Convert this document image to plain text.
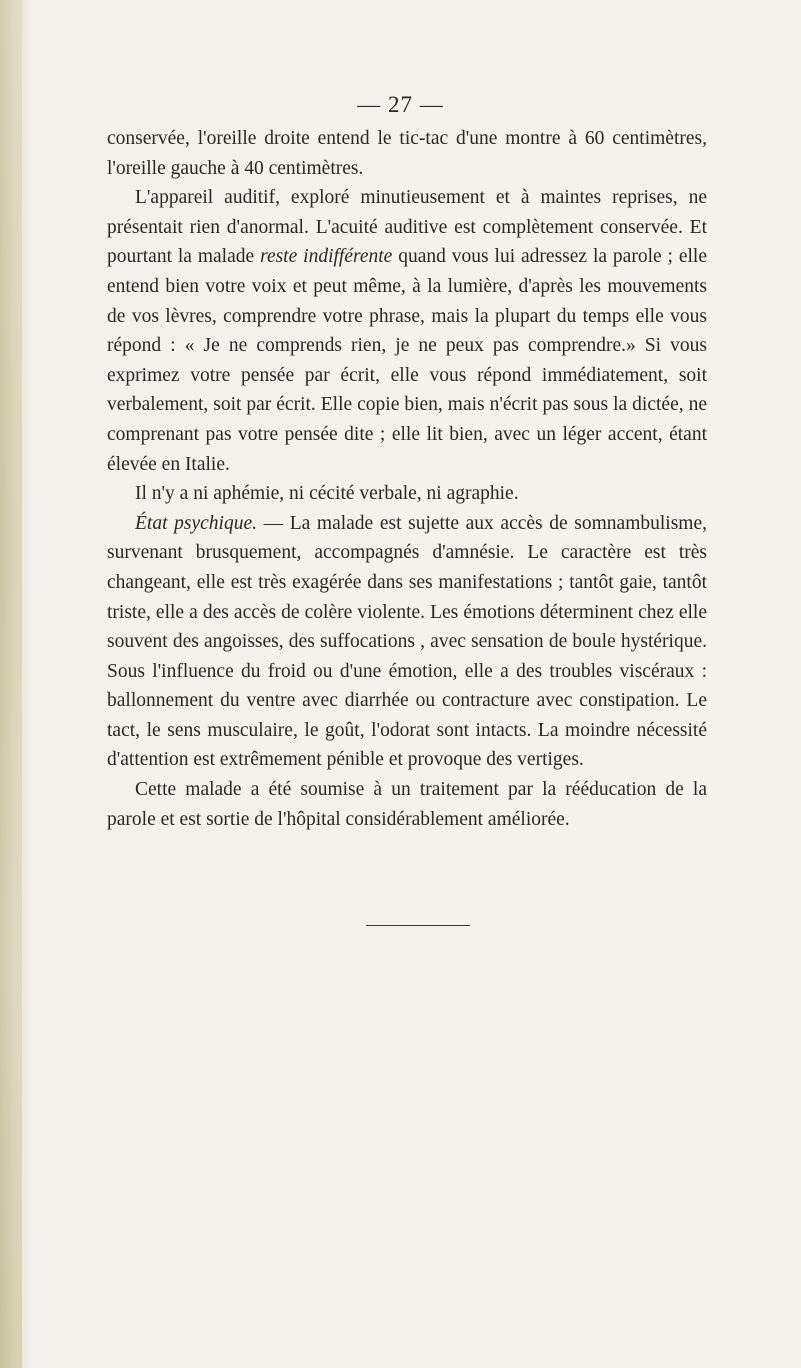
— 27 —

conservée, l'oreille droite entend le tic-tac d'une montre à 60 centimètres, l'oreille gauche à 40 centimètres.

L'appareil auditif, exploré minutieusement et à maintes reprises, ne présentait rien d'anormal. L'acuité auditive est complètement conservée. Et pourtant la malade reste indifférente quand vous lui adressez la parole ; elle entend bien votre voix et peut même, à la lumière, d'après les mouvements de vos lèvres, comprendre votre phrase, mais la plupart du temps elle vous répond : « Je ne comprends rien, je ne peux pas comprendre.» Si vous exprimez votre pensée par écrit, elle vous répond immédiatement, soit verbalement, soit par écrit. Elle copie bien, mais n'écrit pas sous la dictée, ne comprenant pas votre pensée dite ; elle lit bien, avec un léger accent, étant élevée en Italie.

Il n'y a ni aphémie, ni cécité verbale, ni agraphie.

État psychique. — La malade est sujette aux accès de somnambulisme, survenant brusquement, accompagnés d'amnésie. Le caractère est très changeant, elle est très exagérée dans ses manifestations ; tantôt gaie, tantôt triste, elle a des accès de colère violente. Les émotions déterminent chez elle souvent des angoisses, des suffocations , avec sensation de boule hystérique. Sous l'influence du froid ou d'une émotion, elle a des troubles viscéraux : ballonnement du ventre avec diarrhée ou contracture avec constipation. Le tact, le sens musculaire, le goût, l'odorat sont intacts. La moindre nécessité d'attention est extrêmement pénible et provoque des vertiges.

Cette malade a été soumise à un traitement par la rééducation de la parole et est sortie de l'hôpital considérablement améliorée.
